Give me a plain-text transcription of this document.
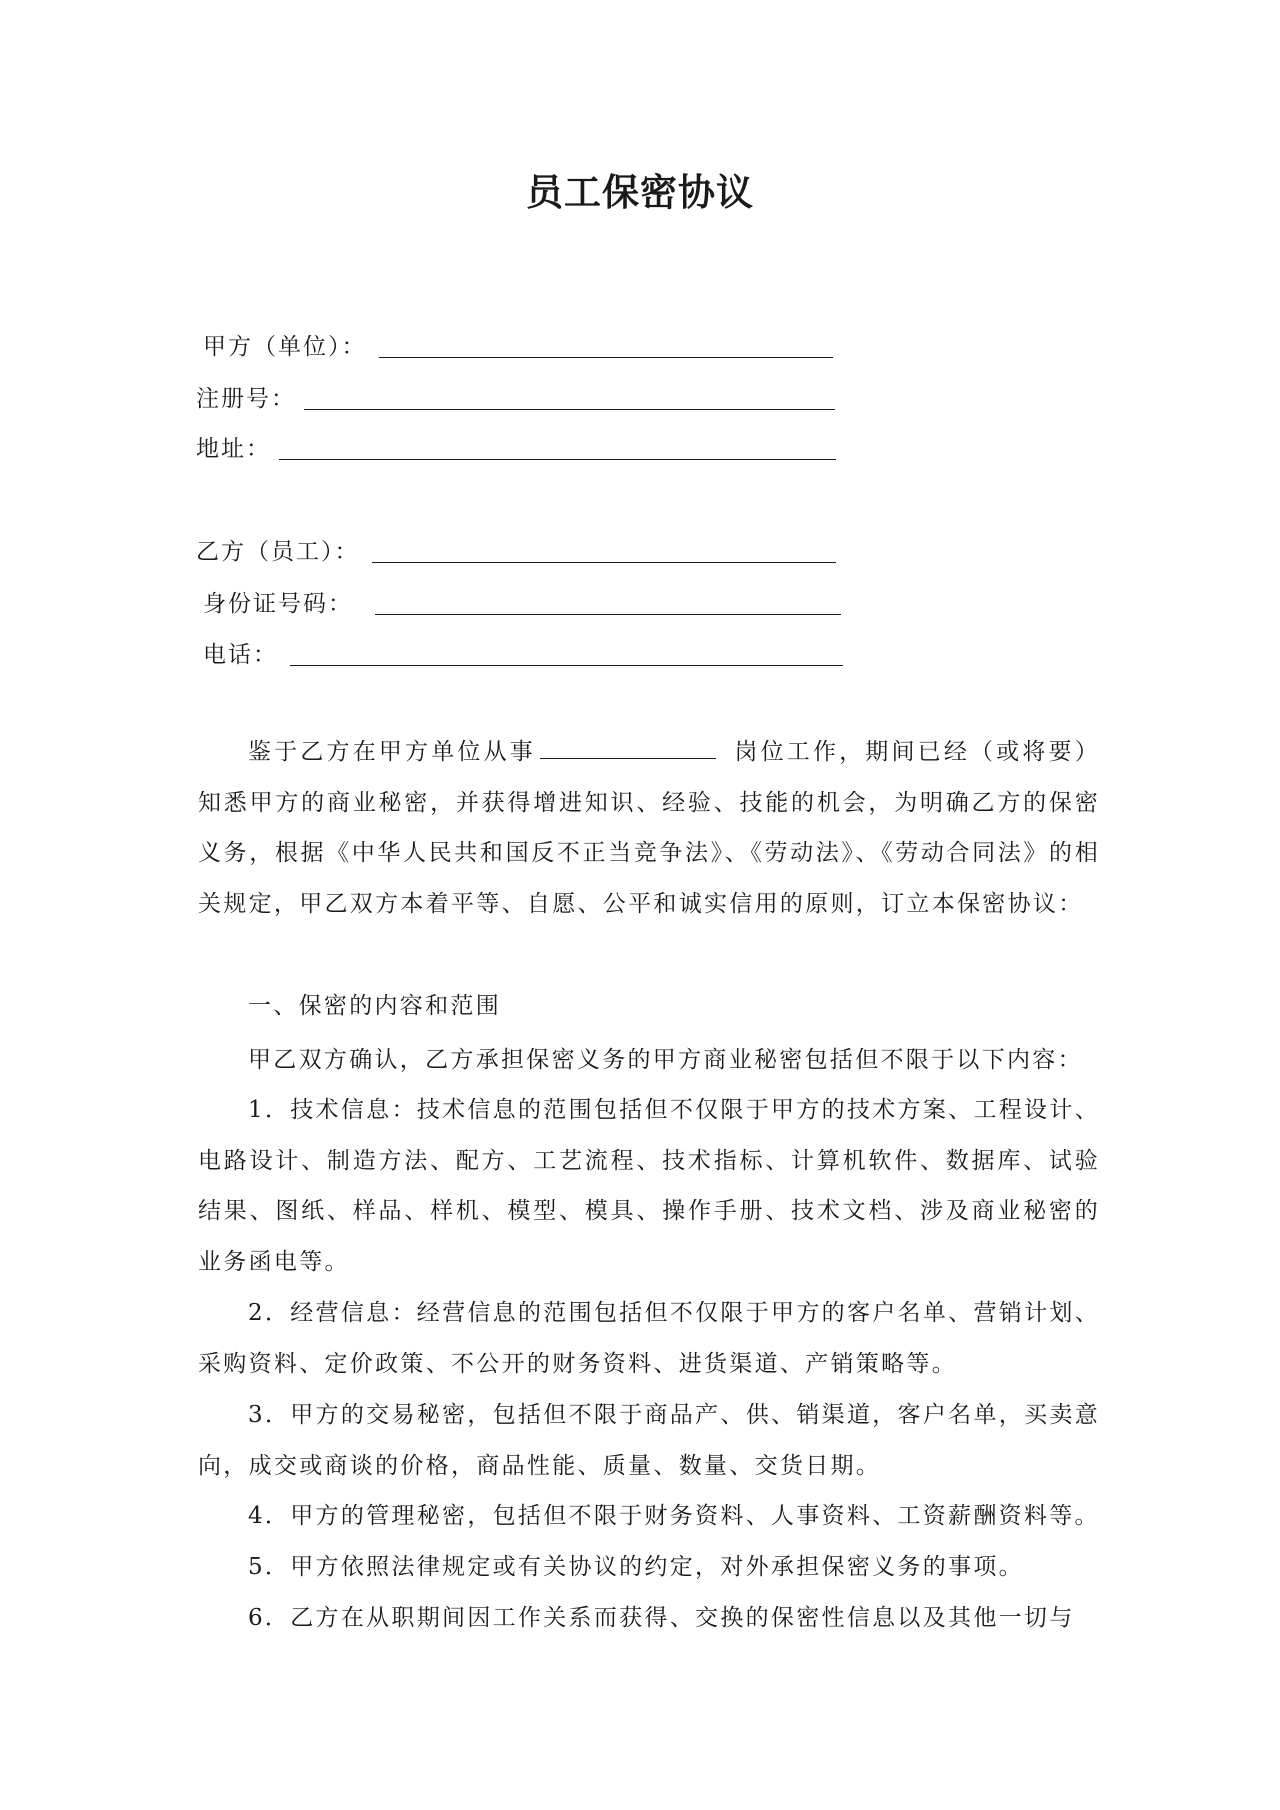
员工保密协议
甲方（单位）：
注册号：
地址：
乙方（员工）：
身份证号码：
电话：

鉴于乙方在甲方单位从事	岗位工作，期间已经（或将要）知悉甲方的商业秘密，并获得增进知识、经验、技能的机会，为明确乙方的保密义务，根据《中华人民共和国反不正当竞争法》、《劳动法》、《劳动合同法》的相关规定，甲乙双方本着平等、自愿、公平和诚实信用的原则，订立本保密协议：

一、保密的内容和范围

甲乙双方确认，乙方承担保密义务的甲方商业秘密包括但不限于以下内容：

1．技术信息：技术信息的范围包括但不仅限于甲方的技术方案、工程设计、电路设计、制造方法、配方、工艺流程、技术指标、计算机软件、数据库、试验结果、图纸、样品、样机、模型、模具、操作手册、技术文档、涉及商业秘密的业务函电等。

2．经营信息：经营信息的范围包括但不仅限于甲方的客户名单、营销计划、采购资料、定价政策、不公开的财务资料、进货渠道、产销策略等。

3．甲方的交易秘密，包括但不限于商品产、供、销渠道，客户名单，买卖意向，成交或商谈的价格，商品性能、质量、数量、交货日期。

4．甲方的管理秘密，包括但不限于财务资料、人事资料、工资薪酬资料等。

5．甲方依照法律规定或有关协议的约定，对外承担保密义务的事项。

6．乙方在从职期间因工作关系而获得、交换的保密性信息以及其他一切与
